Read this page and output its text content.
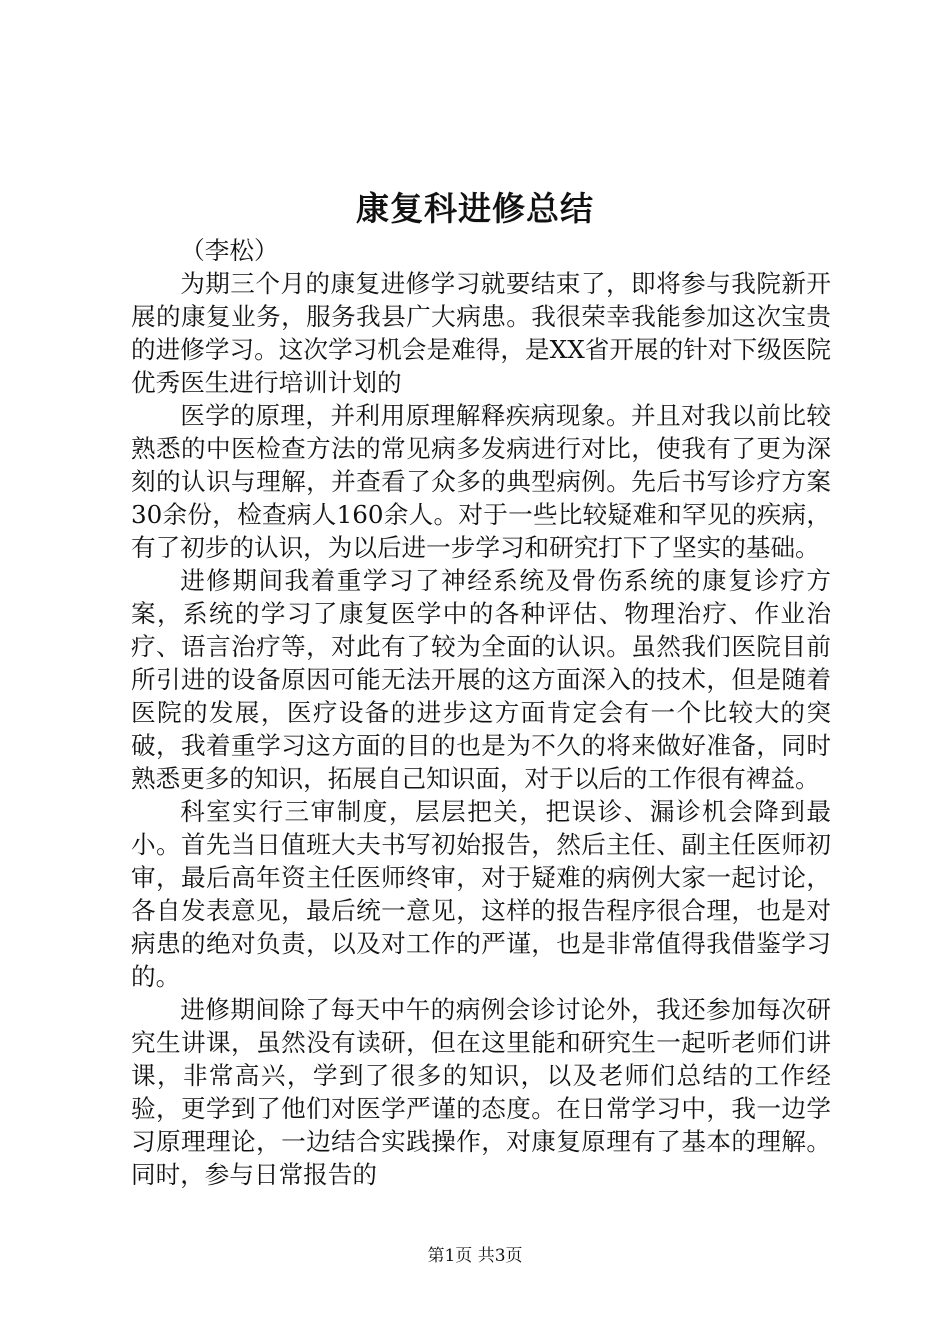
康复科进修总结

（李松）

为期三个月的康复进修学习就要结束了，即将参与我院新开展的康复业务，服务我县广大病患。我很荣幸我能参加这次宝贵的进修学习。这次学习机会是难得，是XX省开展的针对下级医院优秀医生进行培训计划的

医学的原理，并利用原理解释疾病现象。并且对我以前比较熟悉的中医检查方法的常见病多发病进行对比，使我有了更为深刻的认识与理解，并查看了众多的典型病例。先后书写诊疗方案30余份，检查病人160余人。对于一些比较疑难和罕见的疾病，有了初步的认识，为以后进一步学习和研究打下了坚实的基础。

进修期间我着重学习了神经系统及骨伤系统的康复诊疗方案，系统的学习了康复医学中的各种评估、物理治疗、作业治疗、语言治疗等，对此有了较为全面的认识。虽然我们医院目前所引进的设备原因可能无法开展的这方面深入的技术，但是随着医院的发展，医疗设备的进步这方面肯定会有一个比较大的突破，我着重学习这方面的目的也是为不久的将来做好准备，同时熟悉更多的知识，拓展自己知识面，对于以后的工作很有裨益。

科室实行三审制度，层层把关，把误诊、漏诊机会降到最小。首先当日值班大夫书写初始报告，然后主任、副主任医师初审，最后高年资主任医师终审，对于疑难的病例大家一起讨论，各自发表意见，最后统一意见，这样的报告程序很合理，也是对病患的绝对负责，以及对工作的严谨，也是非常值得我借鉴学习的。

进修期间除了每天中午的病例会诊讨论外，我还参加每次研究生讲课，虽然没有读研，但在这里能和研究生一起听老师们讲课，非常高兴，学到了很多的知识，以及老师们总结的工作经验，更学到了他们对医学严谨的态度。在日常学习中，我一边学习原理理论，一边结合实践操作，对康复原理有了基本的理解。同时，参与日常报告的

第1页 共3页
